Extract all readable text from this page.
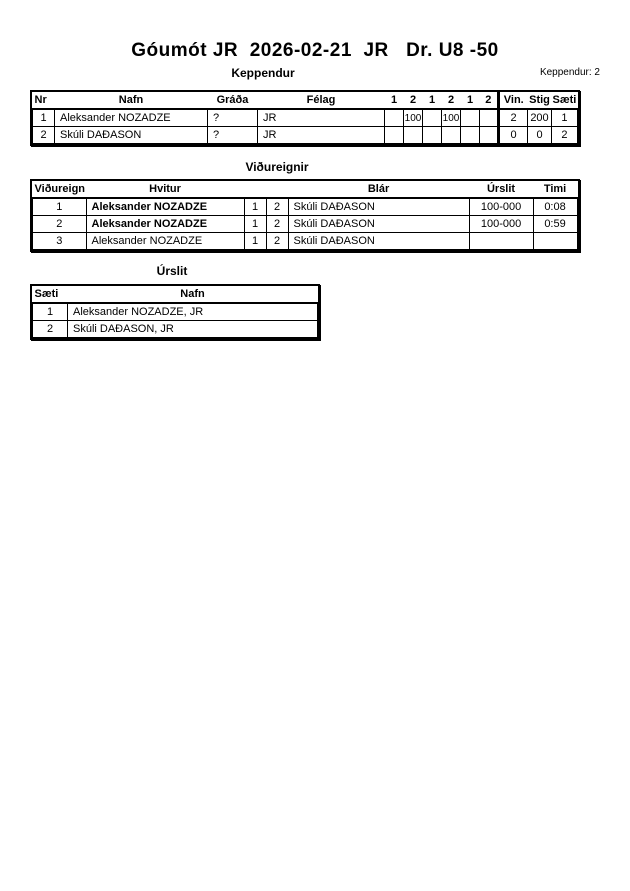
Góumót JR  2026-02-21  JR   Dr. U8 -50
Keppendur	Keppendur: 2
Nr	Nafn	Gráða	Félag	1	2	1	2	1	2	Vin.	Stig	Sæti
1	Aleksander NOZADZE	?	JR		100		100			2	200	1
2	Skúli DAÐASON	?	JR							0	0	2
Viðureignir
Viðureign	Hvitur			Blár	Úrslit	Timi
1	Aleksander NOZADZE	1	2	Skúli DAÐASON	100-000	0:08
2	Aleksander NOZADZE	1	2	Skúli DAÐASON	100-000	0:59
3	Aleksander NOZADZE	1	2	Skúli DAÐASON		
Úrslit
Sæti	Nafn
1	Aleksander NOZADZE, JR
2	Skúli DAÐASON, JR
